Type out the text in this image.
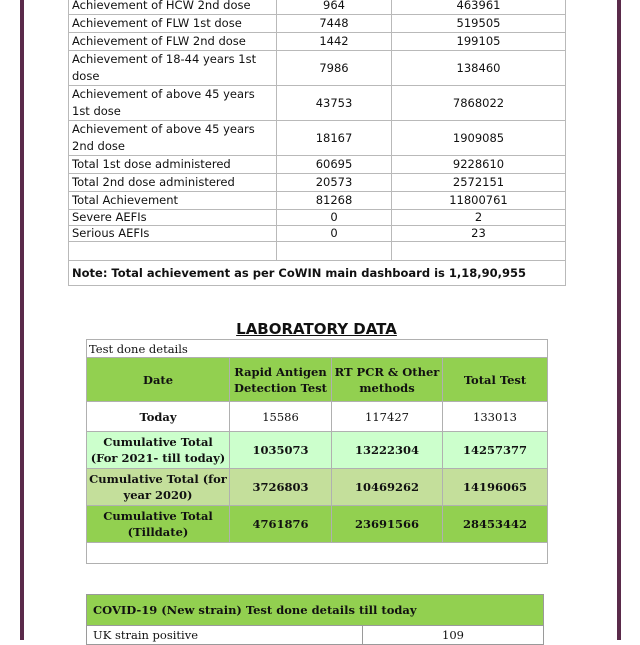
Achievement of HCW 2nd dose	964	463961
Achievement of FLW 1st dose	7448	519505
Achievement of FLW 2nd dose	1442	199105
Achievement of 18-44 years 1st dose	7986	138460
Achievement of above 45 years 1st dose	43753	7868022
Achievement of above 45 years 2nd dose	18167	1909085
Total 1st dose administered	60695	9228610
Total 2nd dose administered	20573	2572151
Total Achievement	81268	11800761
Severe AEFIs	0	2
Serious AEFIs	0	23

Note: Total achievement as per CoWIN main dashboard is 1,18,90,955		
LABORATORY DATA
Test done details			
Date	Rapid Antigen Detection Test	RT PCR & Other methods	Total Test
Today	15586	117427	133013
Cumulative Total (For 2021- till today)	1035073	13222304	14257377
Cumulative Total (for year 2020)	3726803	10469262	14196065
Cumulative Total (Tilldate)	4761876	23691566	28453442

COVID-19 (New strain) Test done details till today
UK strain positive	109
